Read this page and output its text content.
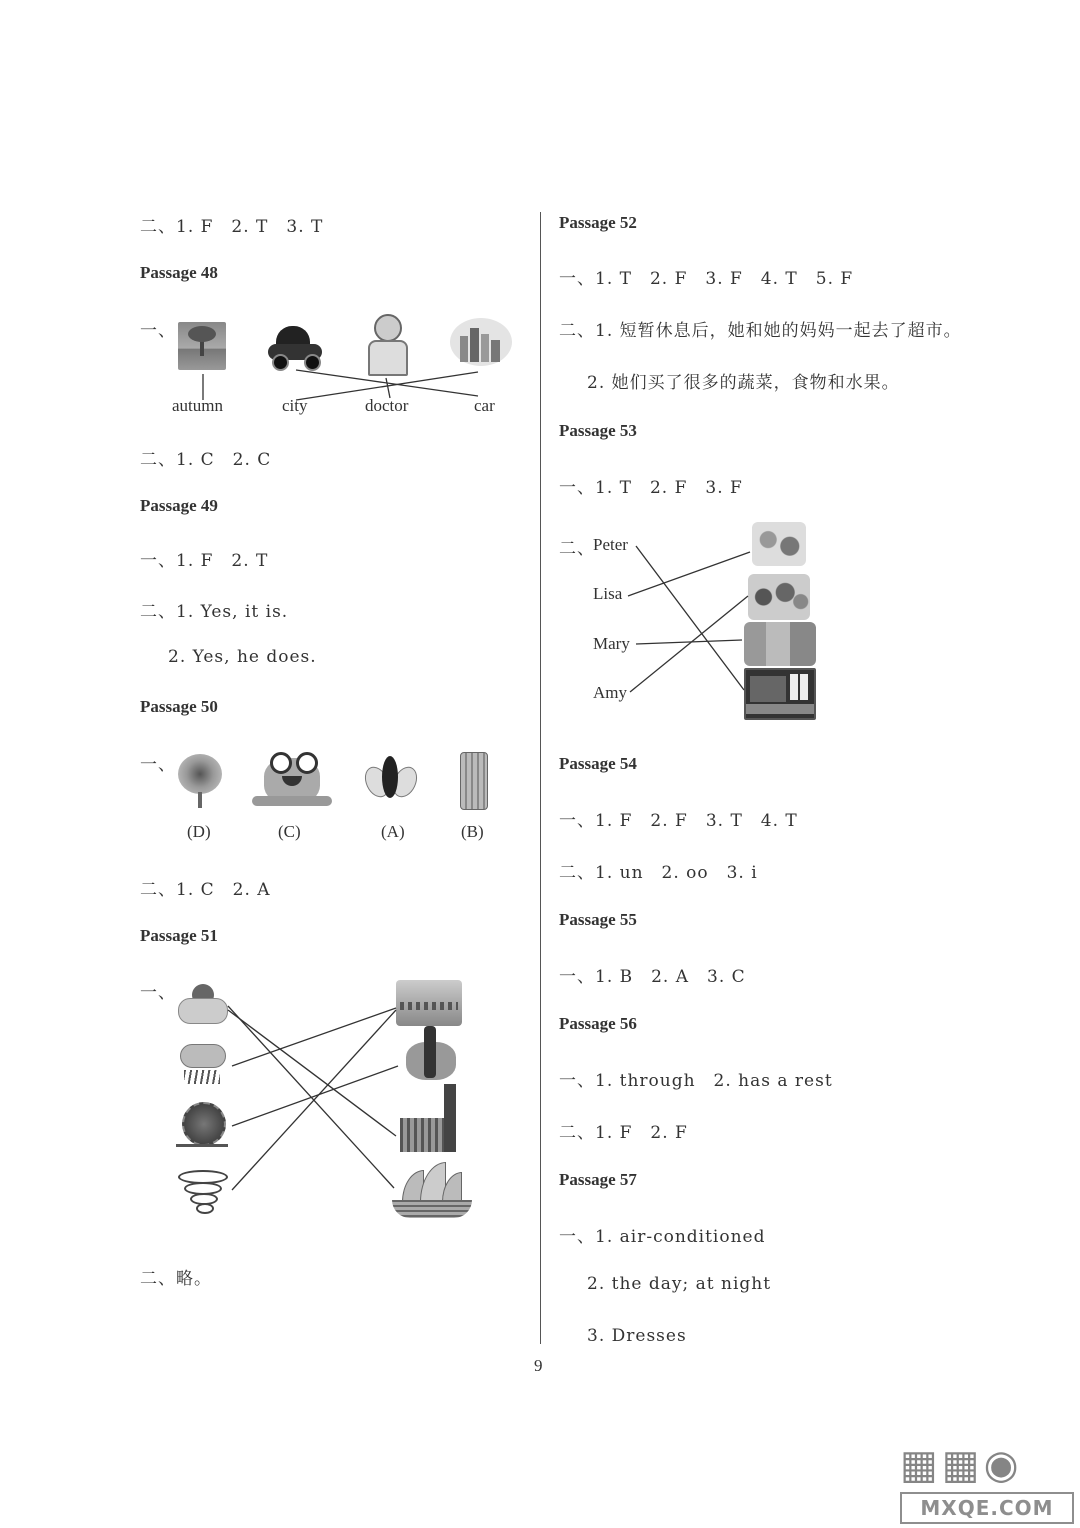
二、1. F　2. T　3. T
Passage 48
一、
autumn	city	doctor	car
二、1. C　2. C
Passage 49
一、1. F　2. T
二、1. Yes, it is.
2. Yes, he does.
Passage 50
一、
(D)	(C)	(A)	(B)
二、1. C　2. A
Passage 51
一、
二、略。
Passage 52
一、1. T　2. F　3. F　4. T　5. F
二、1. 短暂休息后，她和她的妈妈一起去了超市。
2. 她们买了很多的蔬菜，食物和水果。
Passage 53
一、1. T　2. F　3. F
二、
Peter
Lisa
Mary
Amy
Passage 54
一、1. F　2. F　3. T　4. T
二、1. un　2. oo　3. i
Passage 55
一、1. B　2. A　3. C
Passage 56
一、1. through　2. has a rest
二、1. F　2. F
Passage 57
一、1. air-conditioned
2. the day; at night
3. Dresses
9
▦▦◉
MXQE.COM
